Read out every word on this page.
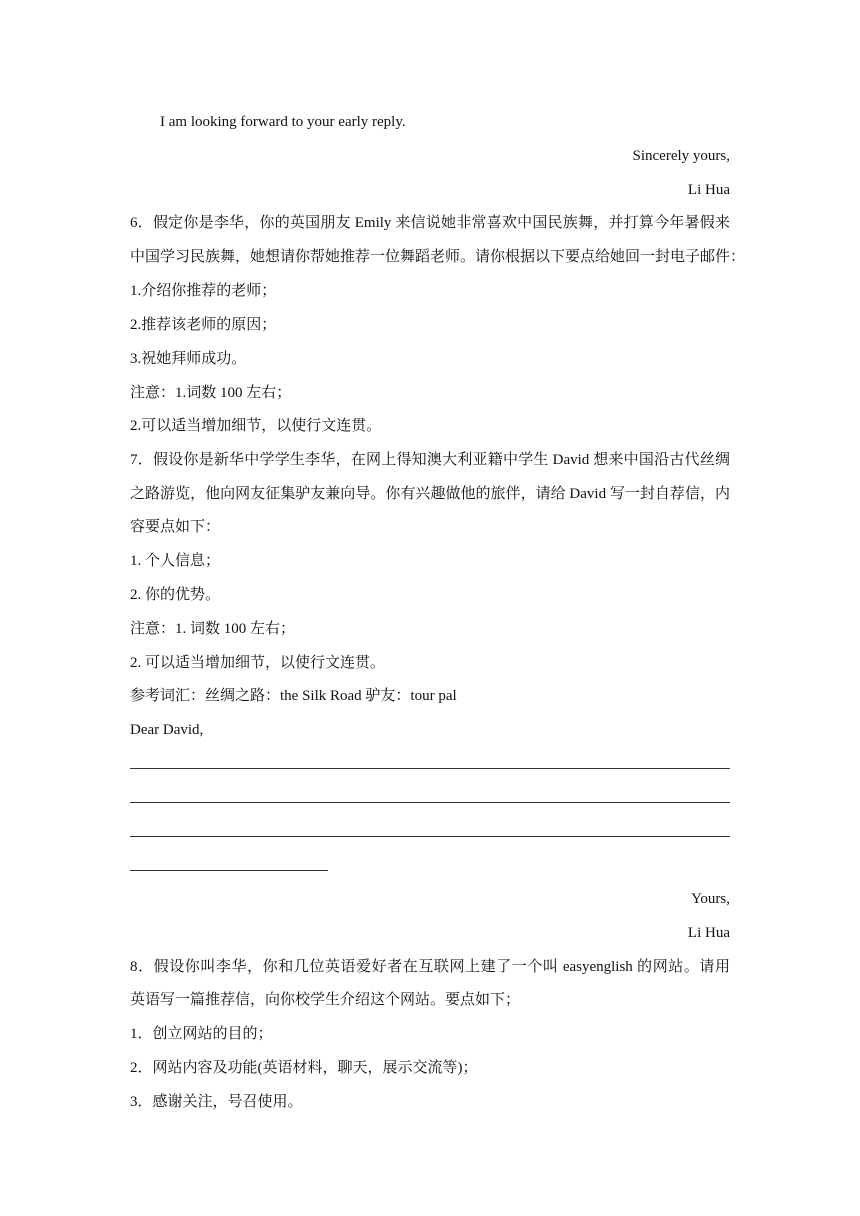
I am looking forward to your early reply.
Sincerely yours,
Li Hua
6．假定你是李华，你的英国朋友 Emily 来信说她非常喜欢中国民族舞，并打算今年暑假来
中国学习民族舞，她想请你帮她推荐一位舞蹈老师。请你根据以下要点给她回一封电子邮件：
1.介绍你推荐的老师；
2.推荐该老师的原因；
3.祝她拜师成功。
注意：1.词数 100 左右；
2.可以适当增加细节，以使行文连贯。
7．假设你是新华中学学生李华，在网上得知澳大利亚籍中学生 David 想来中国沿古代丝绸
之路游览，他向网友征集驴友兼向导。你有兴趣做他的旅伴，请给 David 写一封自荐信，内
容要点如下：
1. 个人信息；
2. 你的优势。
注意：1. 词数 100 左右；
2. 可以适当增加细节，以使行文连贯。
参考词汇：丝绸之路：the Silk Road 驴友：tour pal
Dear David,
Yours,
Li Hua
8．假设你叫李华，你和几位英语爱好者在互联网上建了一个叫 easyenglish 的网站。请用
英语写一篇推荐信，向你校学生介绍这个网站。要点如下；
1．创立网站的目的；
2．网站内容及功能(英语材料，聊天，展示交流等)；
3．感谢关注，号召使用。
